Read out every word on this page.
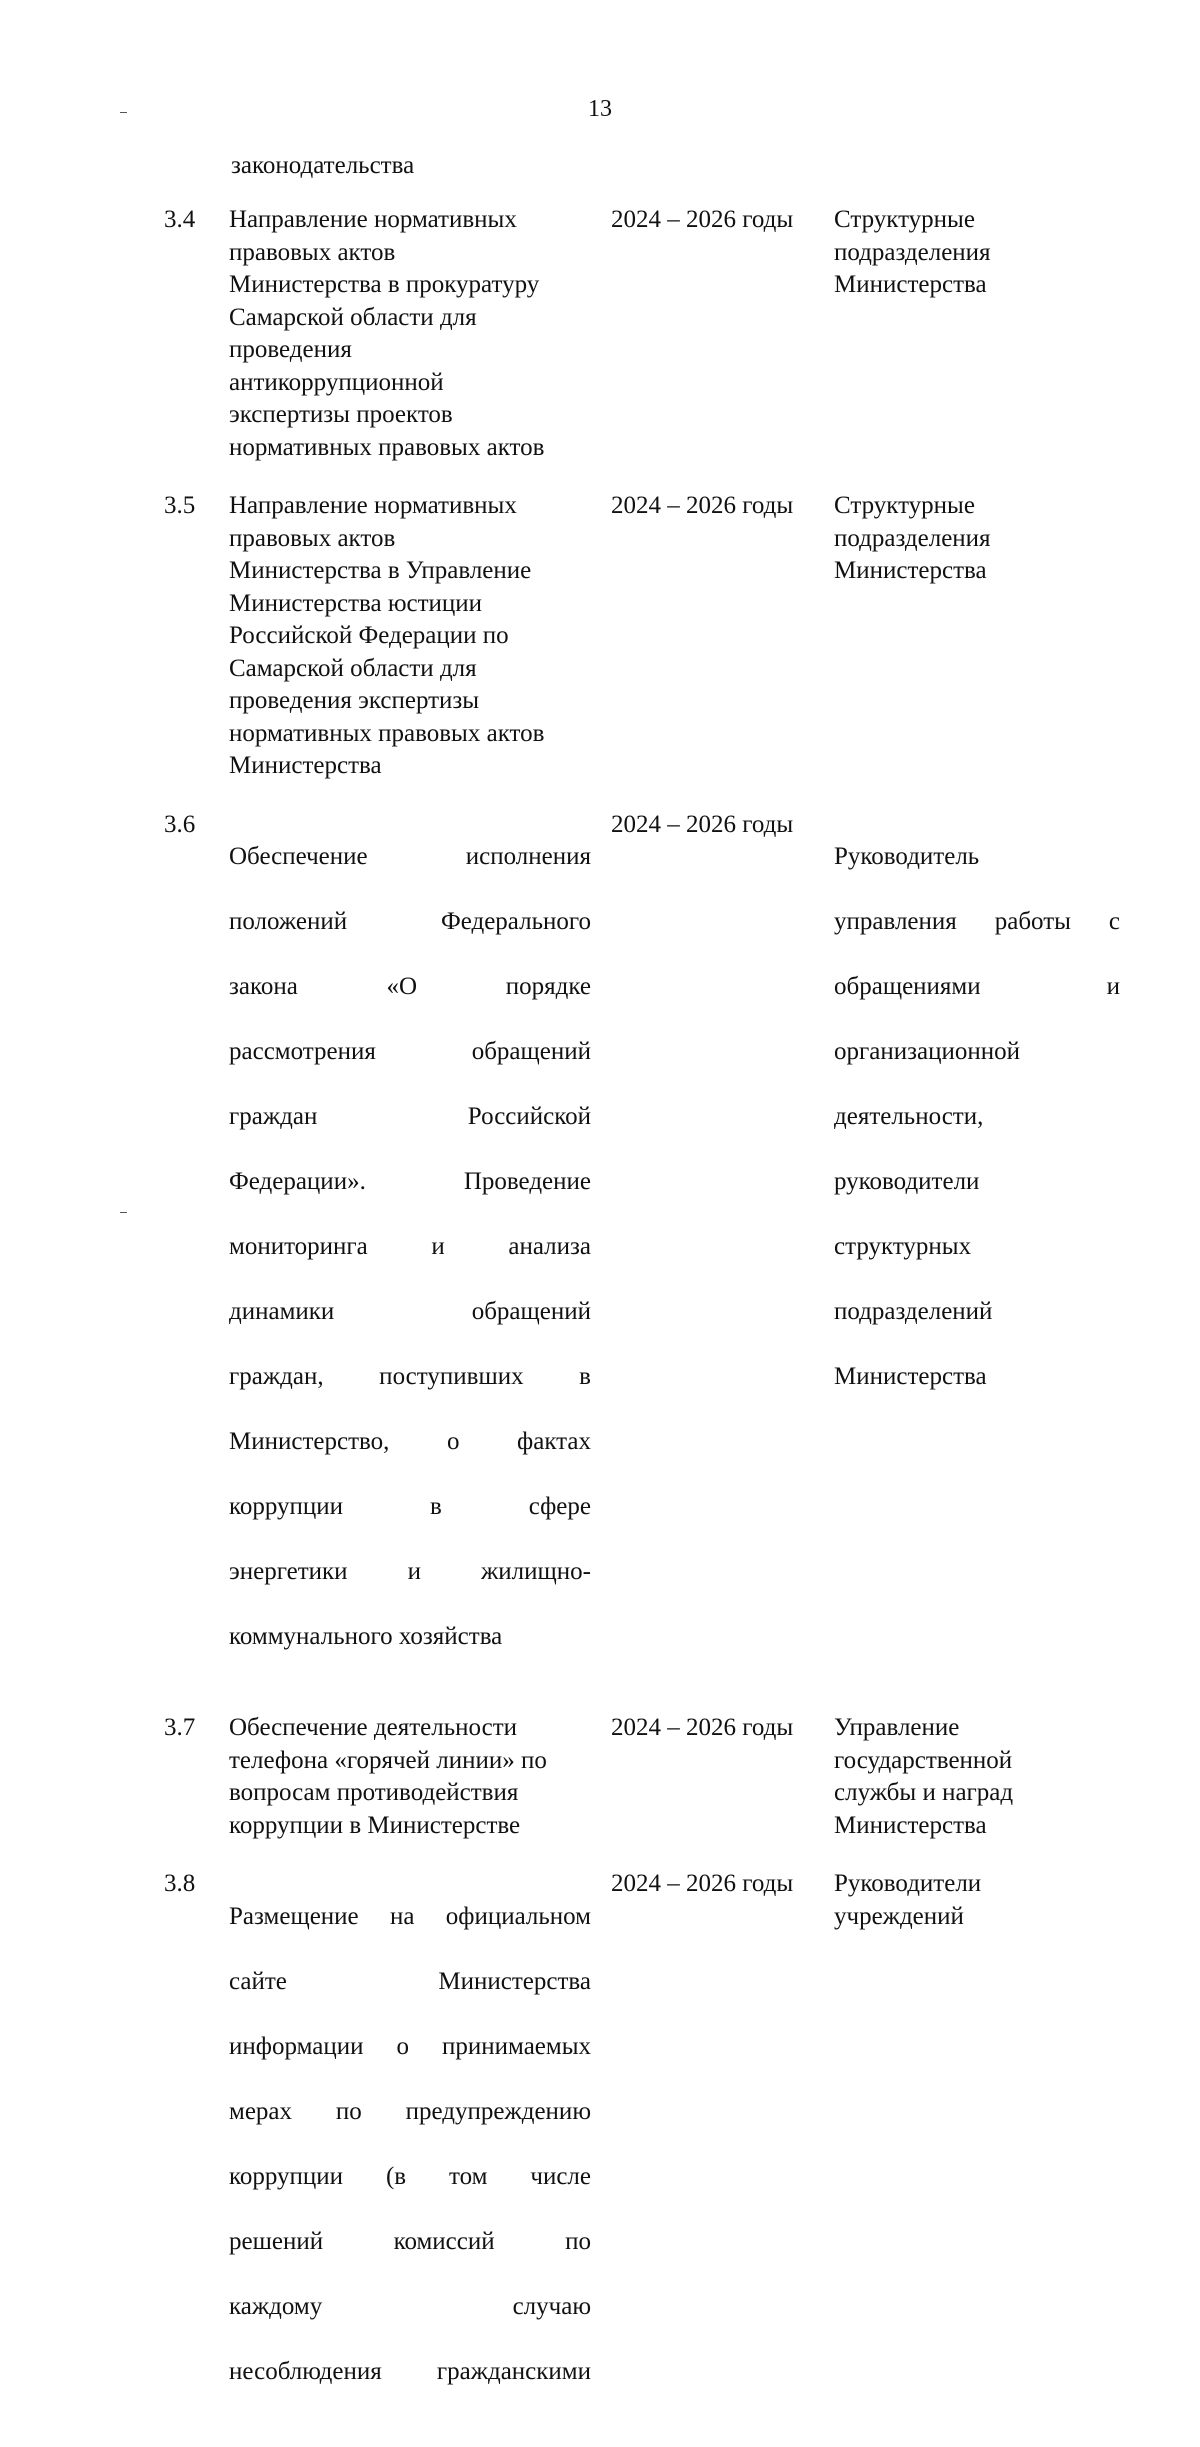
13
законодательства
3.4 Направление нормативных
правовых актов
Министерства в прокуратуру
Самарской области для
проведения
антикоррупционной
экспертизы проектов
нормативных правовых актов
2024 – 2026 годы Структурные
подразделения
Министерства
3.5 Направление нормативных
правовых актов
Министерства в Управление
Министерства юстиции
Российской Федерации по
Самарской области для
проведения экспертизы
нормативных правовых актов
Министерства
2024 – 2026 годы Структурные
подразделения
Министерства
3.6

Обеспечение исполнения

положений Федерального

закона «О порядке

рассмотрения обращений

граждан Российской

Федерации». Проведение

мониторинга и анализа

динамики обращений

граждан, поступивших в

Министерство, о фактах

коррупции в сфере

энергетики и жилищно-

коммунального хозяйства

2024 – 2026 годы

Руководитель

управления работы с

обращениями и

организационной

деятельности,

руководители

структурных

подразделений

Министерства

3.7 Обеспечение деятельности
телефона «горячей линии» по
вопросам противодействия
коррупции в Министерстве
2024 – 2026 годы Управление
государственной
службы и наград
Министерства
3.8

Размещение на официальном

сайте Министерства

информации о принимаемых

мерах по предупреждению

коррупции (в том числе

решений комиссий по

каждому случаю

несоблюдения гражданскими

2024 – 2026 годы Руководители
учреждений
